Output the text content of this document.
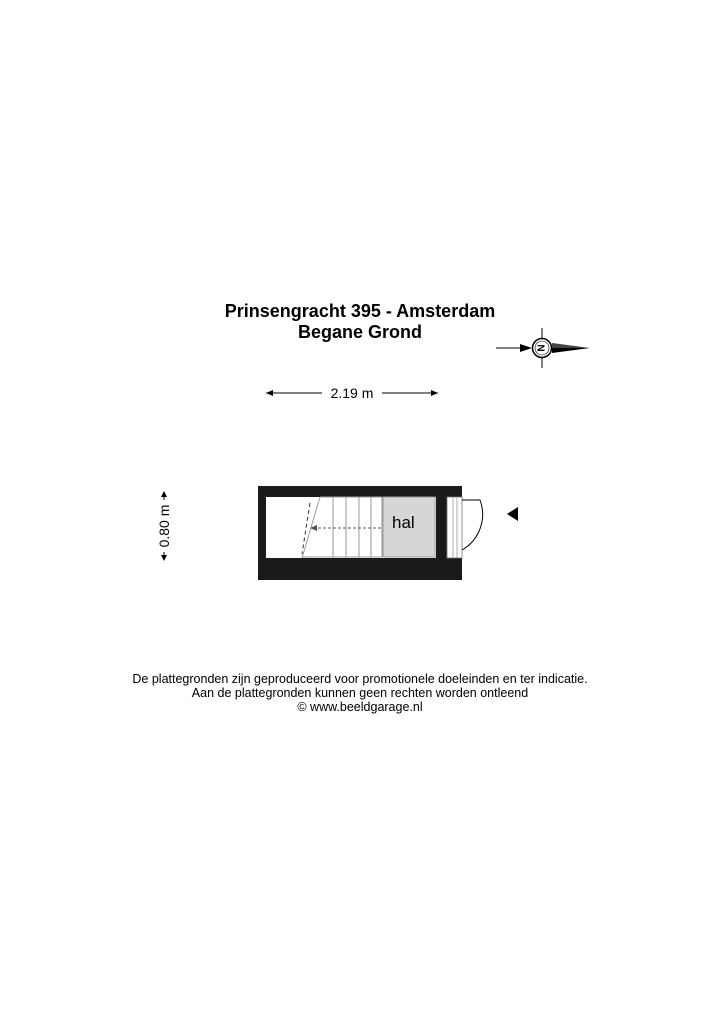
Prinsengracht 395 - Amsterdam
Begane Grond
N
2.19 m
0.80 m	hal
De plattegronden zijn geproduceerd voor promotionele doeleinden en ter indicatie.
Aan de plattegronden kunnen geen rechten worden ontleend
© www.beeldgarage.nl
